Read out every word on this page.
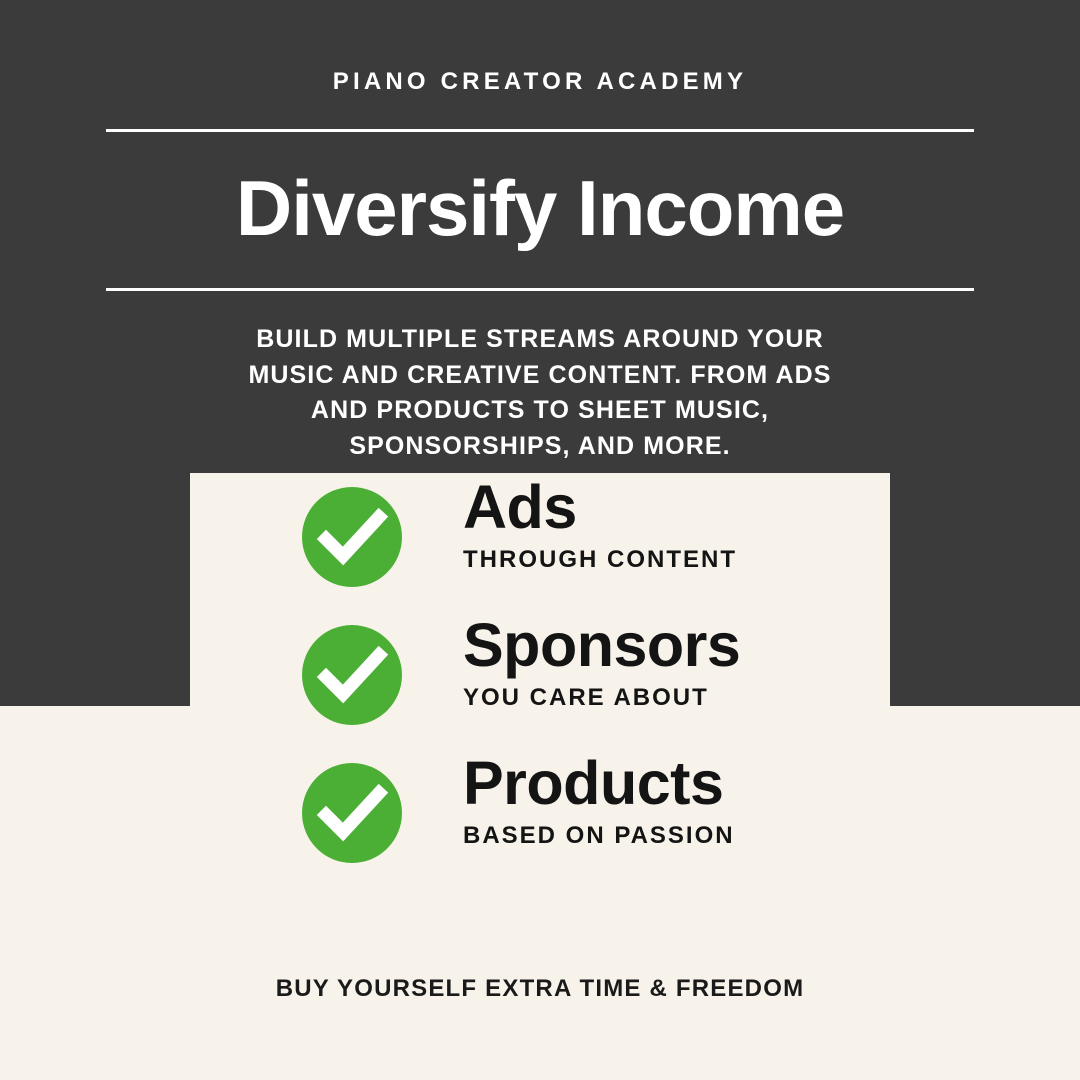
PIANO CREATOR ACADEMY
Diversify Income
BUILD MULTIPLE STREAMS AROUND YOUR MUSIC AND CREATIVE CONTENT. FROM ADS AND PRODUCTS TO SHEET MUSIC, SPONSORSHIPS, AND MORE.
Ads
THROUGH CONTENT
Sponsors
YOU CARE ABOUT
Products
BASED ON PASSION
BUY YOURSELF EXTRA TIME & FREEDOM
